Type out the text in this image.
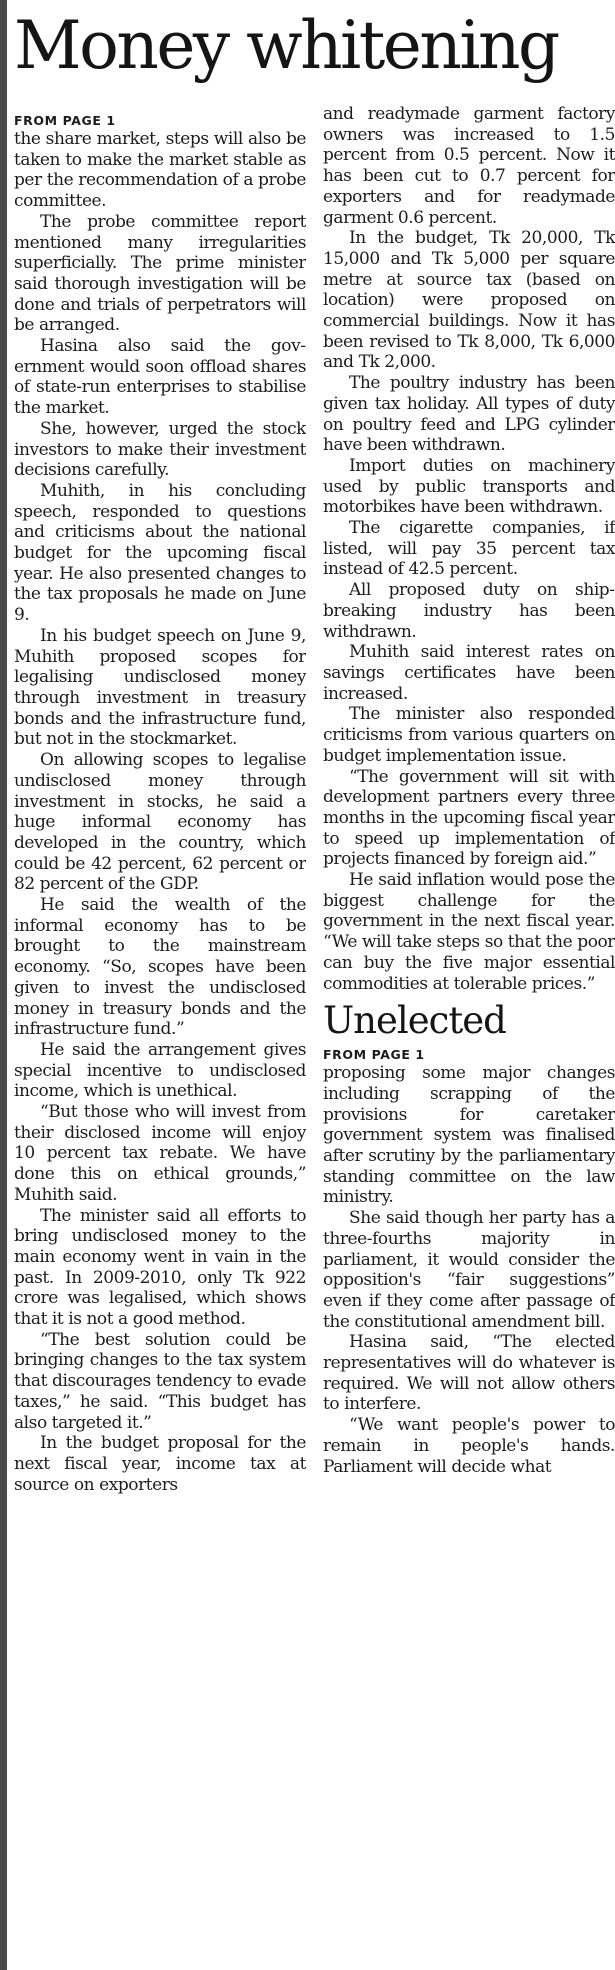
Money whitening

FROM PAGE 1

the share market, steps will also be taken to make the market stable as per the recommendation of a probe committee.

The probe committee report mentioned many irregularities superficially. The prime minister said thorough investigation will be done and trials of perpetrators will be arranged.

Hasina also said the government would soon offload shares of state-run enterprises to stabilise the market.

She, however, urged the stock investors to make their investment decisions carefully.

Muhith, in his concluding speech, responded to questions and criticisms about the national budget for the upcoming fiscal year. He also presented changes to the tax proposals he made on June 9.

In his budget speech on June 9, Muhith proposed scopes for legalising undisclosed money through investment in treasury bonds and the infrastructure fund, but not in the stockmarket.

On allowing scopes to legalise undisclosed money through investment in stocks, he said a huge informal economy has developed in the country, which could be 42 percent, 62 percent or 82 percent of the GDP.

He said the wealth of the informal economy has to be brought to the mainstream economy. “So, scopes have been given to invest the undisclosed money in treasury bonds and the infrastructure fund.”

He said the arrangement gives special incentive to undisclosed income, which is unethical.

“But those who will invest from their disclosed income will enjoy 10 percent tax rebate. We have done this on ethical grounds,” Muhith said.

The minister said all efforts to bring undisclosed money to the main economy went in vain in the past. In 2009-2010, only Tk 922 crore was legalised, which shows that it is not a good method.

“The best solution could be bringing changes to the tax system that discourages tendency to evade taxes,” he said. “This budget has also targeted it.”

In the budget proposal for the next fiscal year, income tax at source on exporters

and readymade garment factory owners was increased to 1.5 percent from 0.5 percent. Now it has been cut to 0.7 percent for exporters and for readymade garment 0.6 percent.

In the budget, Tk 20,000, Tk 15,000 and Tk 5,000 per square metre at source tax (based on location) were proposed on commercial buildings. Now it has been revised to Tk 8,000, Tk 6,000 and Tk 2,000.

The poultry industry has been given tax holiday. All types of duty on poultry feed and LPG cylinder have been withdrawn.

Import duties on machinery used by public transports and motorbikes have been withdrawn.

The cigarette companies, if listed, will pay 35 percent tax instead of 42.5 percent.

All proposed duty on shipbreaking industry has been withdrawn.

Muhith said interest rates on savings certificates have been increased.

The minister also responded criticisms from various quarters on budget implementation issue.

“The government will sit with development partners every three months in the upcoming fiscal year to speed up implementation of projects financed by foreign aid.”

He said inflation would pose the biggest challenge for the government in the next fiscal year. “We will take steps so that the poor can buy the five major essential commodities at tolerable prices.”

Unelected

FROM PAGE 1

proposing some major changes including scrapping of the provisions for caretaker government system was finalised after scrutiny by the parliamentary standing committee on the law ministry.

She said though her party has a three-fourths majority in parliament, it would consider the opposition's “fair suggestions” even if they come after passage of the constitutional amendment bill.

Hasina said, “The elected representatives will do whatever is required. We will not allow others to interfere.

“We want people's power to remain in people's hands. Parliament will decide what
